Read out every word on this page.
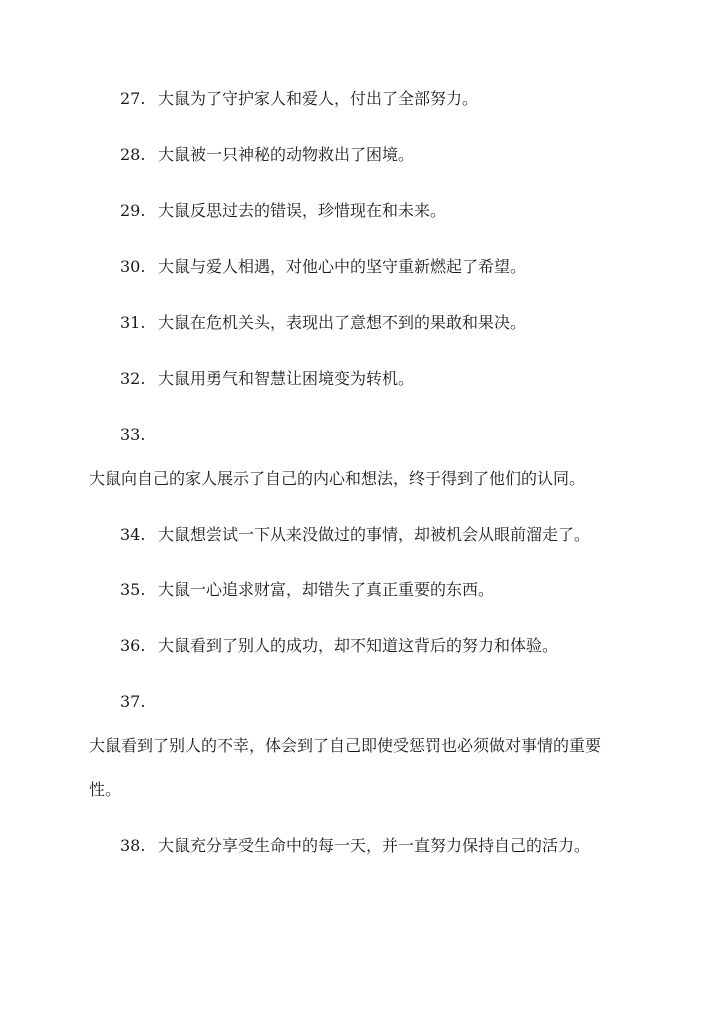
27. 大鼠为了守护家人和爱人，付出了全部努力。
28. 大鼠被一只神秘的动物救出了困境。
29. 大鼠反思过去的错误，珍惜现在和未来。
30. 大鼠与爱人相遇，对他心中的坚守重新燃起了希望。
31. 大鼠在危机关头，表现出了意想不到的果敢和果决。
32. 大鼠用勇气和智慧让困境变为转机。
33.
大鼠向自己的家人展示了自己的内心和想法，终于得到了他们的认同。
34. 大鼠想尝试一下从来没做过的事情，却被机会从眼前溜走了。
35. 大鼠一心追求财富，却错失了真正重要的东西。
36. 大鼠看到了别人的成功，却不知道这背后的努力和体验。
37.
大鼠看到了别人的不幸，体会到了自己即使受惩罚也必须做对事情的重要
性。
38. 大鼠充分享受生命中的每一天，并一直努力保持自己的活力。
